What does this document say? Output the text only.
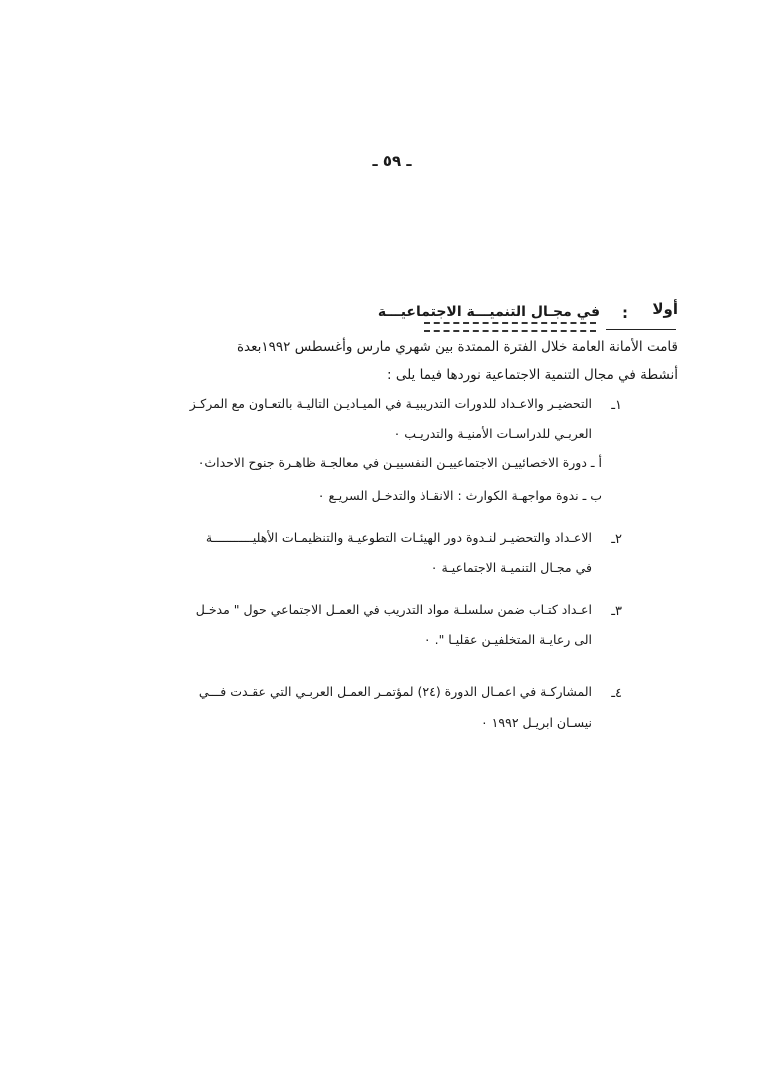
ـ ٥٩ ـ
أولا
:
في مجـال التنميـــة الاجتماعيـــة
قامت الأمانة العامة خلال الفترة الممتدة بين شهري مارس وأغسطس ١٩٩٢بعدة
أنشطة في مجال التنمية الاجتماعية نوردها فيما يلى :
١ـ
التحضيـر والاعـداد للدورات التدريبيـة في الميـاديـن التاليـة بالتعـاون مع المركـز
العربـي للدراسـات الأمنيـة والتدريـب ٠
أ ـ دورة الاخصائييـن الاجتماعييـن النفسييـن في معالجـة ظاهـرة جنوح الاحداث٠
ب ـ ندوة مواجهـة الكوارث : الانقـاذ والتدخـل السريـع ٠
٢ـ
الاعـداد والتحضيـر لنـدوة دور الهيئـات التطوعيـة والتنظيمـات الأهليـــــــــــة
في مجـال التنميـة الاجتماعيـة ٠
٣ـ
اعـداد كتـاب ضمن سلسلـة مواد التدريب في العمـل الاجتماعي حول " مدخـل
الى رعايـة المتخلفيـن عقليـا ". ٠
٤ـ
المشاركـة في اعمـال الدورة (٢٤) لمؤتمـر العمـل العربـي التي عقـدت فـــي
نيسـان ابريـل ١٩٩٢ ٠
